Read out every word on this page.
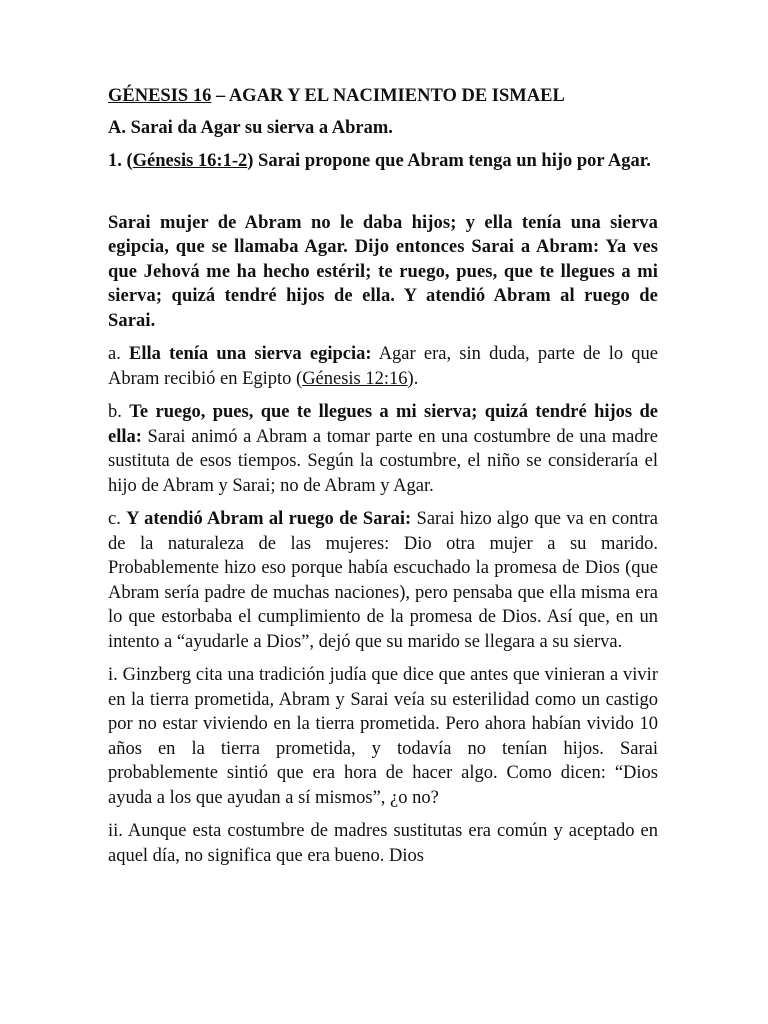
GÉNESIS 16 – AGAR Y EL NACIMIENTO DE ISMAEL

A. Sarai da Agar su sierva a Abram.

1. (Génesis 16:1-2) Sarai propone que Abram tenga un hijo por Agar.

Sarai mujer de Abram no le daba hijos; y ella tenía una sierva egipcia, que se llamaba Agar. Dijo entonces Sarai a Abram: Ya ves que Jehová me ha hecho estéril; te ruego, pues, que te llegues a mi sierva; quizá tendré hijos de ella. Y atendió Abram al ruego de Sarai.

a. Ella tenía una sierva egipcia: Agar era, sin duda, parte de lo que Abram recibió en Egipto (Génesis 12:16).

b. Te ruego, pues, que te llegues a mi sierva; quizá tendré hijos de ella: Sarai animó a Abram a tomar parte en una costumbre de una madre sustituta de esos tiempos. Según la costumbre, el niño se consideraría el hijo de Abram y Sarai; no de Abram y Agar.

c. Y atendió Abram al ruego de Sarai: Sarai hizo algo que va en contra de la naturaleza de las mujeres: Dio otra mujer a su marido. Probablemente hizo eso porque había escuchado la promesa de Dios (que Abram sería padre de muchas naciones), pero pensaba que ella misma era lo que estorbaba el cumplimiento de la promesa de Dios. Así que, en un intento a “ayudarle a Dios”, dejó que su marido se llegara a su sierva.

i. Ginzberg cita una tradición judía que dice que antes que vinieran a vivir en la tierra prometida, Abram y Sarai veía su esterilidad como un castigo por no estar viviendo en la tierra prometida. Pero ahora habían vivido 10 años en la tierra prometida, y todavía no tenían hijos. Sarai probablemente sintió que era hora de hacer algo. Como dicen: “Dios ayuda a los que ayudan a sí mismos”, ¿o no?

ii. Aunque esta costumbre de madres sustitutas era común y aceptado en aquel día, no significa que era bueno. Dios
